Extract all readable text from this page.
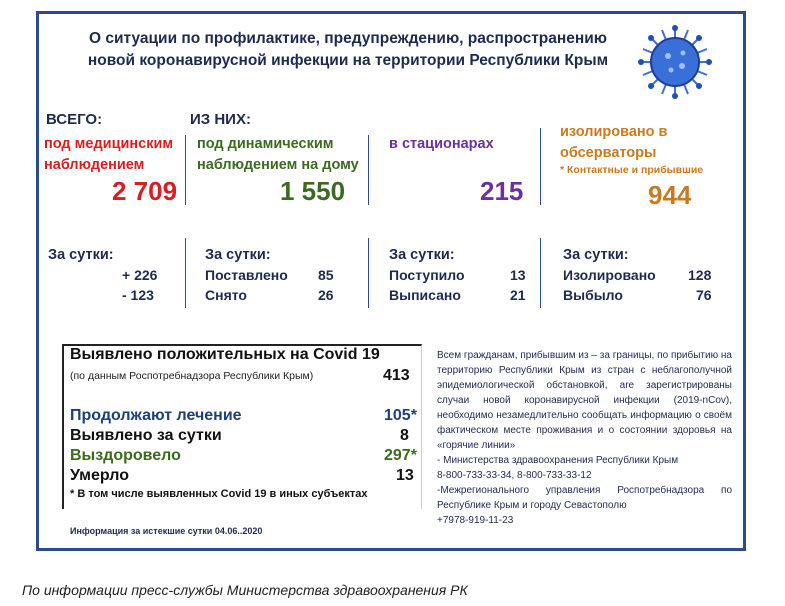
О ситуации по профилактике, предупреждению, распространению новой коронавирусной инфекции на территории Республики Крым
ВСЕГО:	ИЗ НИХ:
под медицинским наблюдением
2 709
под динамическим наблюдением на дому
1 550
в стационарах
215
изолировано в обсерваторы
* Контактные и прибывшие
944
За сутки:
+ 226
- 123
За сутки:
Поставлено 85
Снято	26
За сутки:
Поступило	13
Выписано	21
За сутки:
Изолировано 128
Выбыло	76
Выявлено положительных на Covid 19
(по данным Роспотребнадзора Республики Крым)	413
Продолжают лечение	105*
Выявлено за сутки	8
Выздоровело	297*
Умерло	13
* В том числе выявленных Covid 19 в иных субъектах
Информация за истекшие сутки 04.06..2020
Всем гражданам, прибывшим из – за границы, по прибытию на территорию Республики Крым из стран с неблагополучной эпидемиологической обстановкой, are зарегистрированы случаи новой коронавирусной инфекции (2019-nCov), необходимо незамедлительно сообщать информацию о своём фактическом месте проживания и о состоянии здоровья на «горячие линии»
- Министерства здравоохранения Республики Крым
8-800-733-33-34, 8-800-733-33-12
-Межрегионального управления Роспотребнадзора по Республике Крым и городу Севастополю
+7978-919-11-23
По информации пресс-службы Министерства здравоохранения РК
